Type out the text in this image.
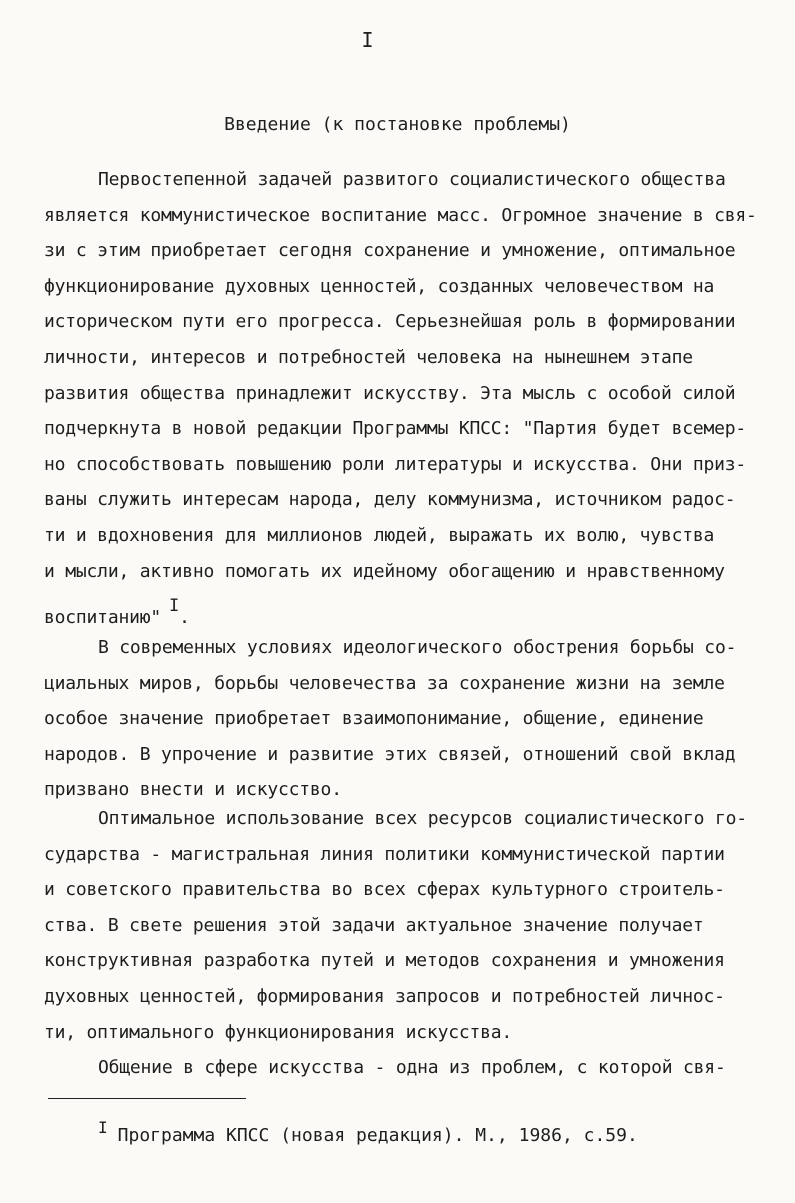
I
Введение (к постановке проблемы)
Первостепенной задачей развитого социалистического общества
является коммунистическое воспитание масс. Огромное значение в свя-
зи с этим приобретает сегодня сохранение и умножение, оптимальное
функционирование духовных ценностей, созданных человечеством на
историческом пути его прогресса. Серьезнейшая роль в формировании
личности, интересов и потребностей человека на нынешнем этапе
развития общества принадлежит искусству. Эта мысль с особой силой
подчеркнута в новой редакции Программы КПСС: "Партия будет всемер-
но способствовать повышению роли литературы и искусства. Они приз-
ваны служить интересам народа, делу коммунизма, источником радос-
ти и вдохновения для миллионов людей, выражать их волю, чувства
и мысли, активно помогать их идейному обогащению и нравственному
воспитанию"$^I$.
В современных условиях идеологического обострения борьбы со-
циальных миров, борьбы человечества за сохранение жизни на земле
особое значение приобретает взаимопонимание, общение, единение
народов. В упрочение и развитие этих связей, отношений свой вклад
призвано внести и искусство.
Оптимальное использование всех ресурсов социалистического го-
сударства - магистральная линия политики коммунистической партии
и советского правительства во всех сферах культурного строитель-
ства. В свете решения этой задачи актуальное значение получает
конструктивная разработка путей и методов сохранения и умножения
духовных ценностей, формирования запросов и потребностей личнос-
ти, оптимального функционирования искусства.
Общение в сфере искусства - одна из проблем, с которой свя-
$^I$ Программа КПСС (новая редакция). М., 1986, с.59.
